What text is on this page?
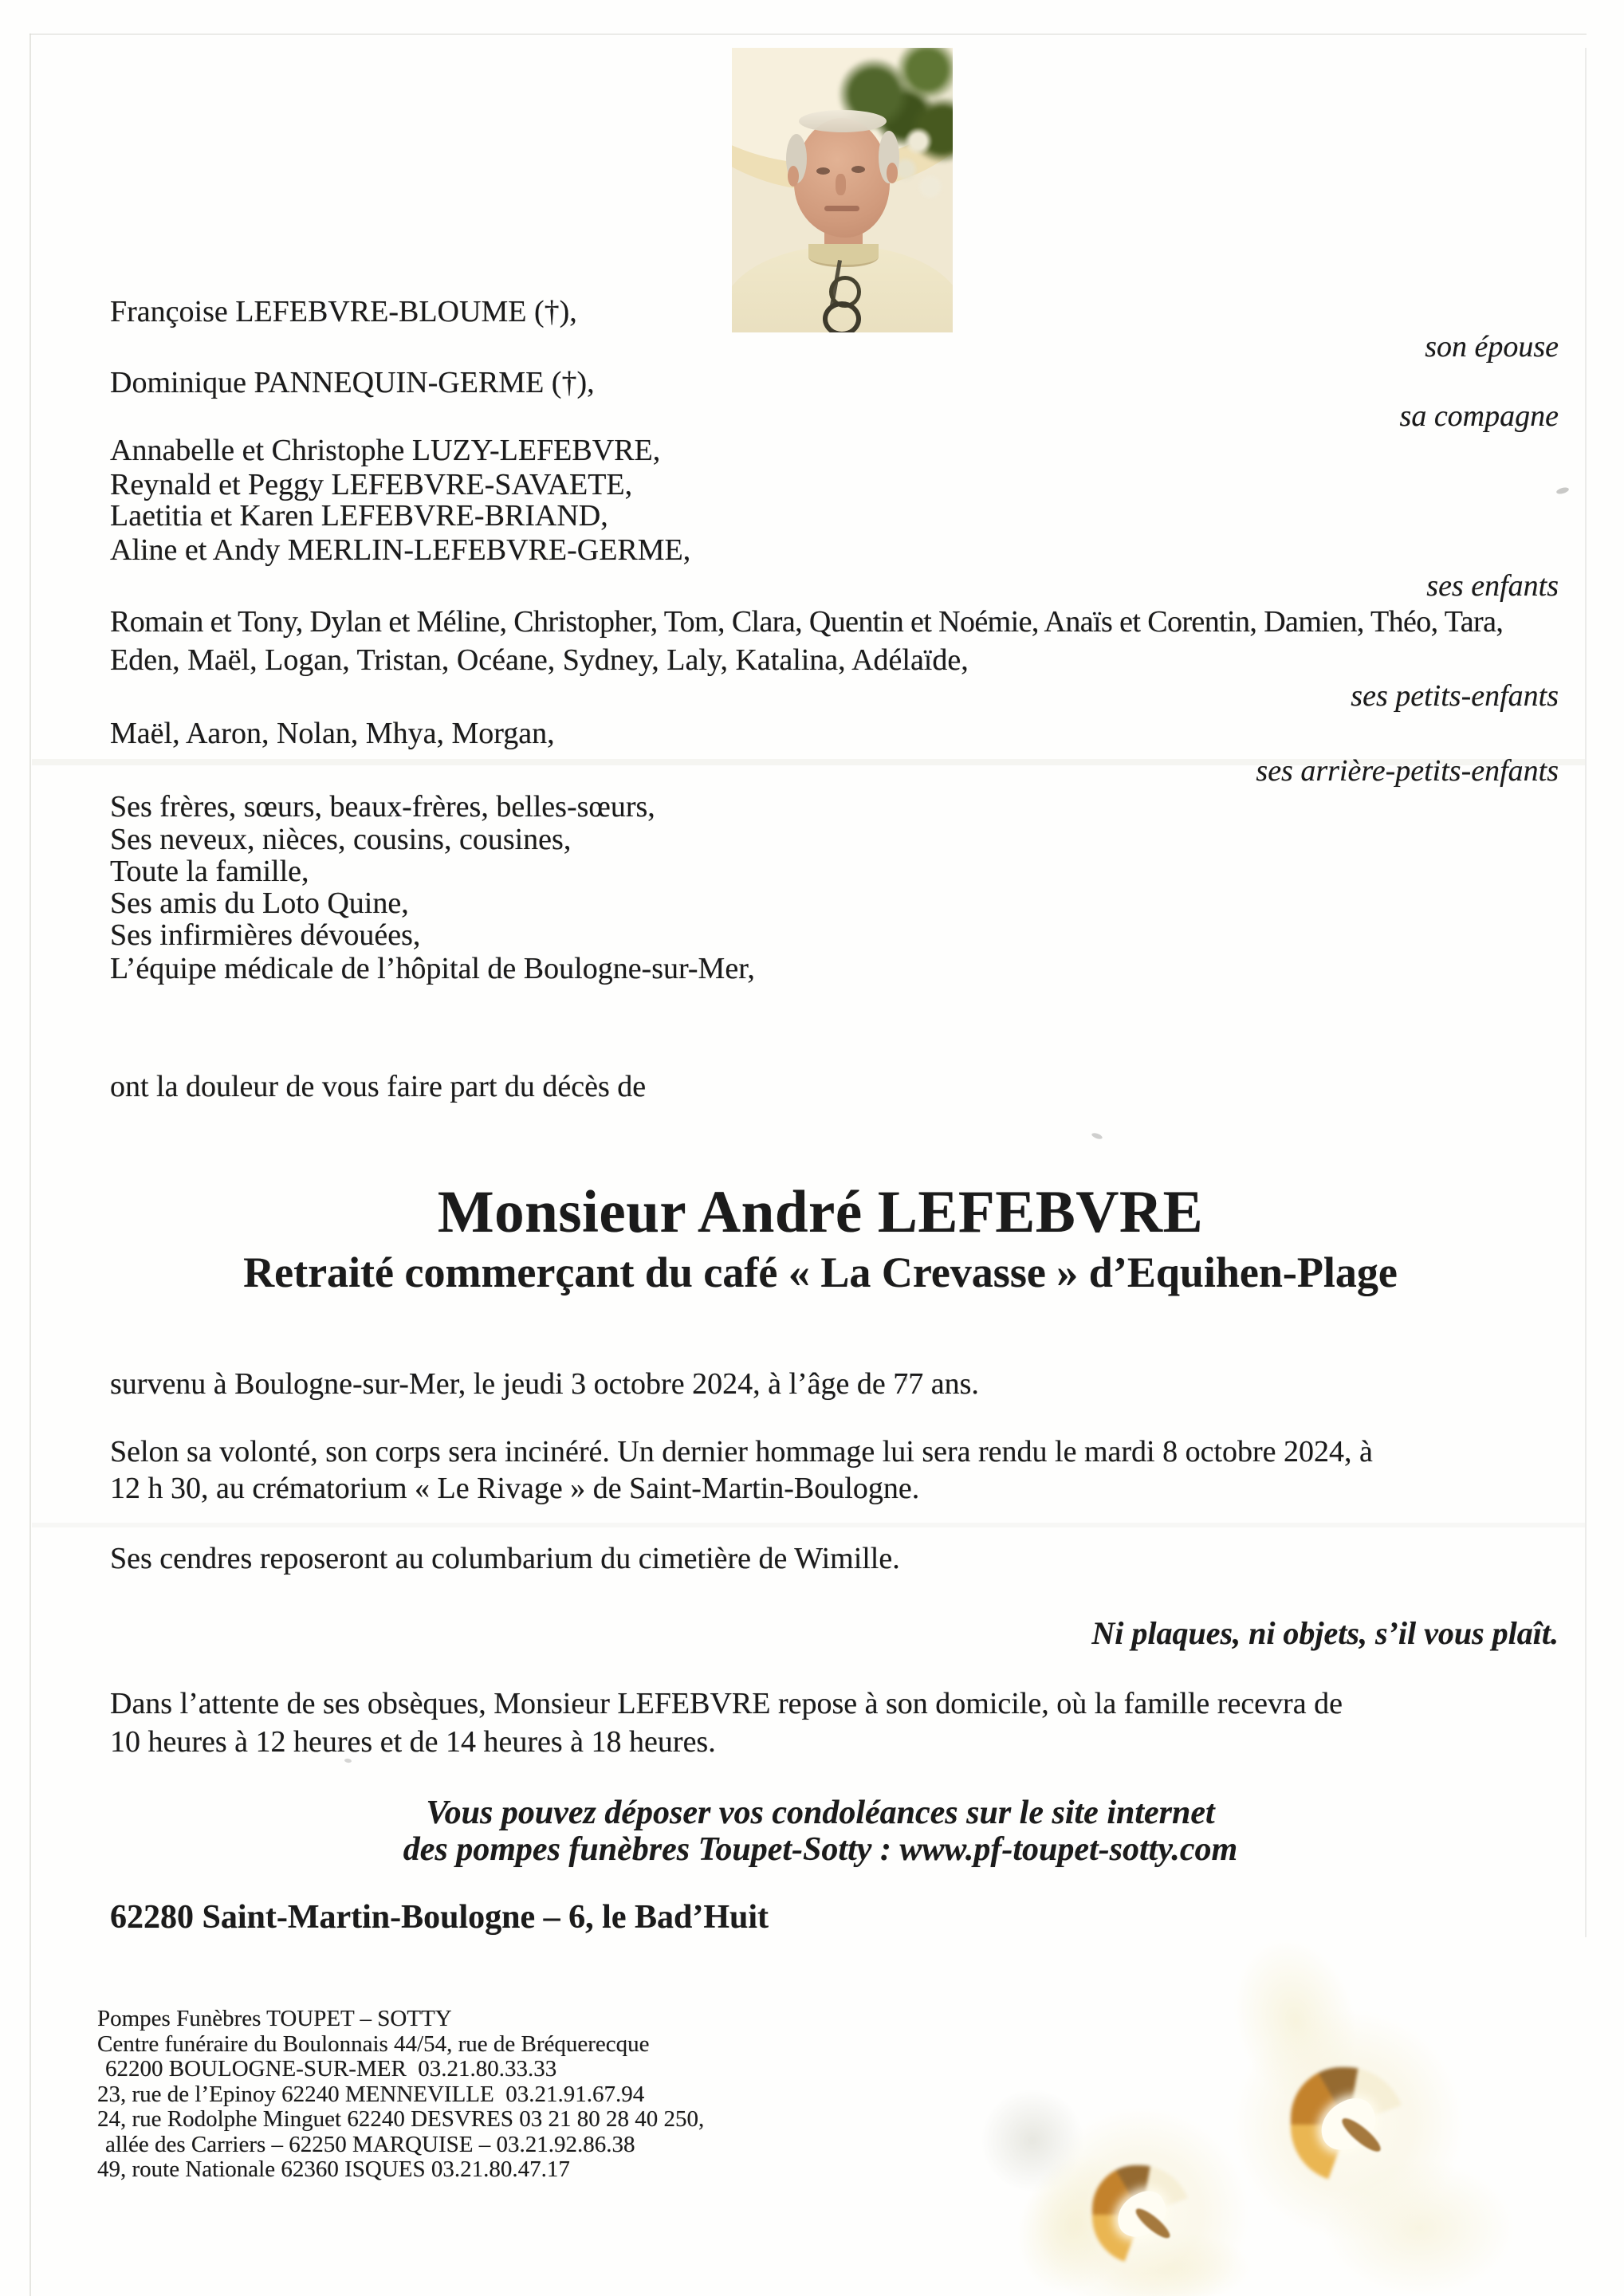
Françoise LEFEBVRE-BLOUME (†),
son épouse
Dominique PANNEQUIN-GERME (†),
sa compagne
Annabelle et Christophe LUZY-LEFEBVRE,
Reynald et Peggy LEFEBVRE-SAVAETE,
Laetitia et Karen LEFEBVRE-BRIAND,
Aline et Andy MERLIN-LEFEBVRE-GERME,
ses enfants
Romain et Tony, Dylan et Méline, Christopher, Tom, Clara, Quentin et Noémie, Anaïs et Corentin, Damien, Théo, Tara,
Eden, Maël, Logan, Tristan, Océane, Sydney, Laly, Katalina, Adélaïde,
ses petits-enfants
Maël, Aaron, Nolan, Mhya, Morgan,
ses arrière-petits-enfants
Ses frères, sœurs, beaux-frères, belles-sœurs,
Ses neveux, nièces, cousins, cousines,
Toute la famille,
Ses amis du Loto Quine,
Ses infirmières dévouées,
L’équipe médicale de l’hôpital de Boulogne-sur-Mer,
ont la douleur de vous faire part du décès de
Monsieur André LEFEBVRE
Retraité commerçant du café « La Crevasse » d’Equihen-Plage
survenu à Boulogne-sur-Mer, le jeudi 3 octobre 2024, à l’âge de 77 ans.
Selon sa volonté, son corps sera incinéré. Un dernier hommage lui sera rendu le mardi 8 octobre 2024, à
12 h 30, au crématorium « Le Rivage » de Saint-Martin-Boulogne.
Ses cendres reposeront au columbarium du cimetière de Wimille.
Ni plaques, ni objets, s’il vous plaît.
Dans l’attente de ses obsèques, Monsieur LEFEBVRE repose à son domicile, où la famille recevra de
10 heures à 12 heures et de 14 heures à 18 heures.
Vous pouvez déposer vos condoléances sur le site internet
des pompes funèbres Toupet-Sotty : www.pf-toupet-sotty.com
62280 Saint-Martin-Boulogne – 6, le Bad’Huit
Pompes Funèbres TOUPET – SOTTY
Centre funéraire du Boulonnais 44/54, rue de Bréquerecque
62200 BOULOGNE-SUR-MER  03.21.80.33.33
23, rue de l’Epinoy 62240 MENNEVILLE  03.21.91.67.94
24, rue Rodolphe Minguet 62240 DESVRES 03 21 80 28 40 250,
allée des Carriers – 62250 MARQUISE – 03.21.92.86.38
49, route Nationale 62360 ISQUES 03.21.80.47.17
